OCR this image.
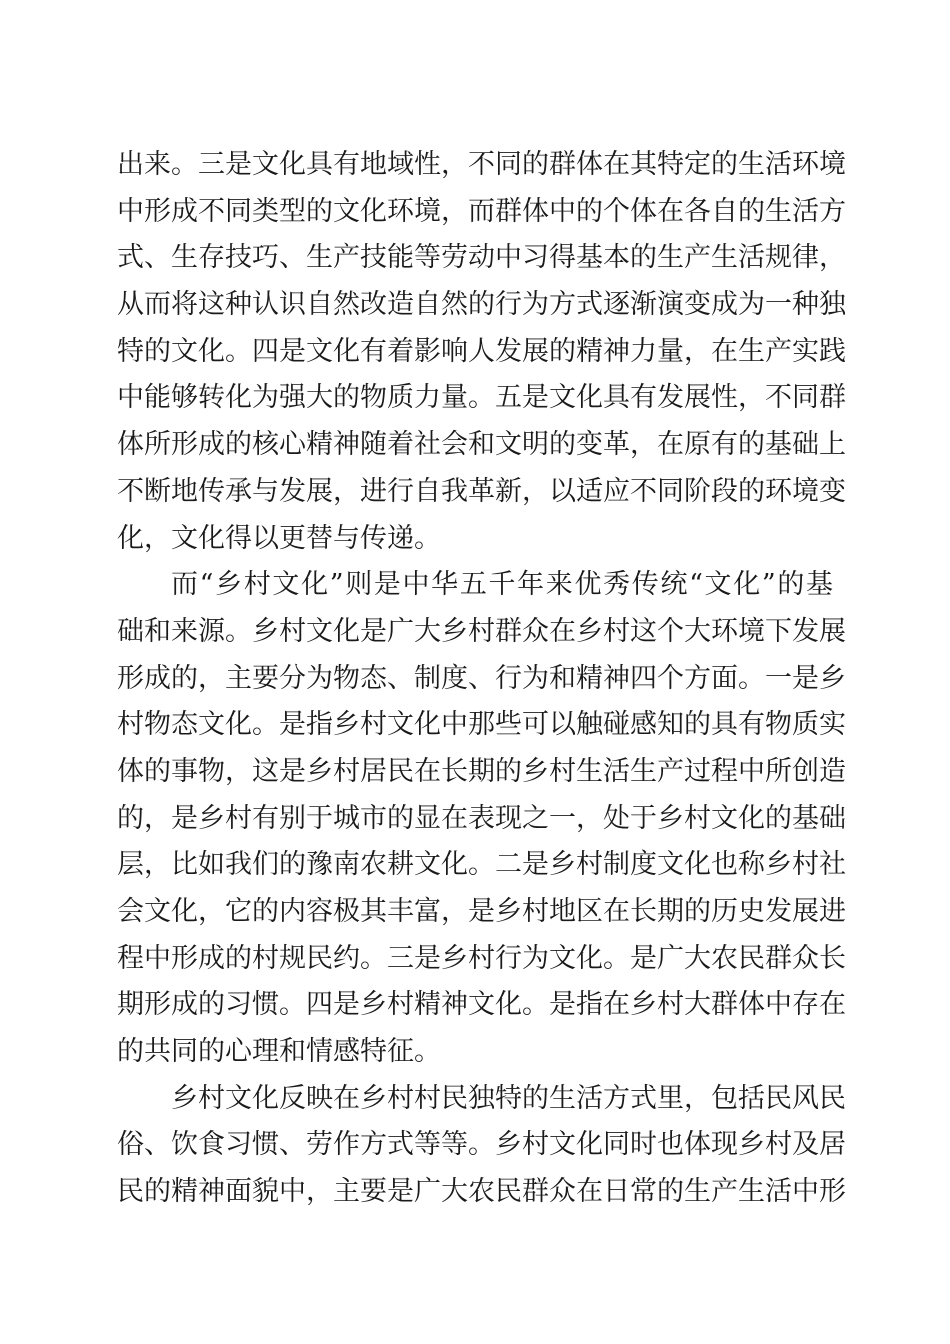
出来。三是文化具有地域性，不同的群体在其特定的生活环境
中形成不同类型的文化环境，而群体中的个体在各自的生活方
式、生存技巧、生产技能等劳动中习得基本的生产生活规律，
从而将这种认识自然改造自然的行为方式逐渐演变成为一种独
特的文化。四是文化有着影响人发展的精神力量，在生产实践
中能够转化为强大的物质力量。五是文化具有发展性，不同群
体所形成的核心精神随着社会和文明的变革，在原有的基础上
不断地传承与发展，进行自我革新，以适应不同阶段的环境变
化，文化得以更替与传递。
而“乡村文化”则是中华五千年来优秀传统“文化”的基
础和来源。乡村文化是广大乡村群众在乡村这个大环境下发展
形成的，主要分为物态、制度、行为和精神四个方面。一是乡
村物态文化。是指乡村文化中那些可以触碰感知的具有物质实
体的事物，这是乡村居民在长期的乡村生活生产过程中所创造
的，是乡村有别于城市的显在表现之一，处于乡村文化的基础
层，比如我们的豫南农耕文化。二是乡村制度文化也称乡村社
会文化，它的内容极其丰富，是乡村地区在长期的历史发展进
程中形成的村规民约。三是乡村行为文化。是广大农民群众长
期形成的习惯。四是乡村精神文化。是指在乡村大群体中存在
的共同的心理和情感特征。
乡村文化反映在乡村村民独特的生活方式里，包括民风民
俗、饮食习惯、劳作方式等等。乡村文化同时也体现乡村及居
民的精神面貌中，主要是广大农民群众在日常的生产生活中形
